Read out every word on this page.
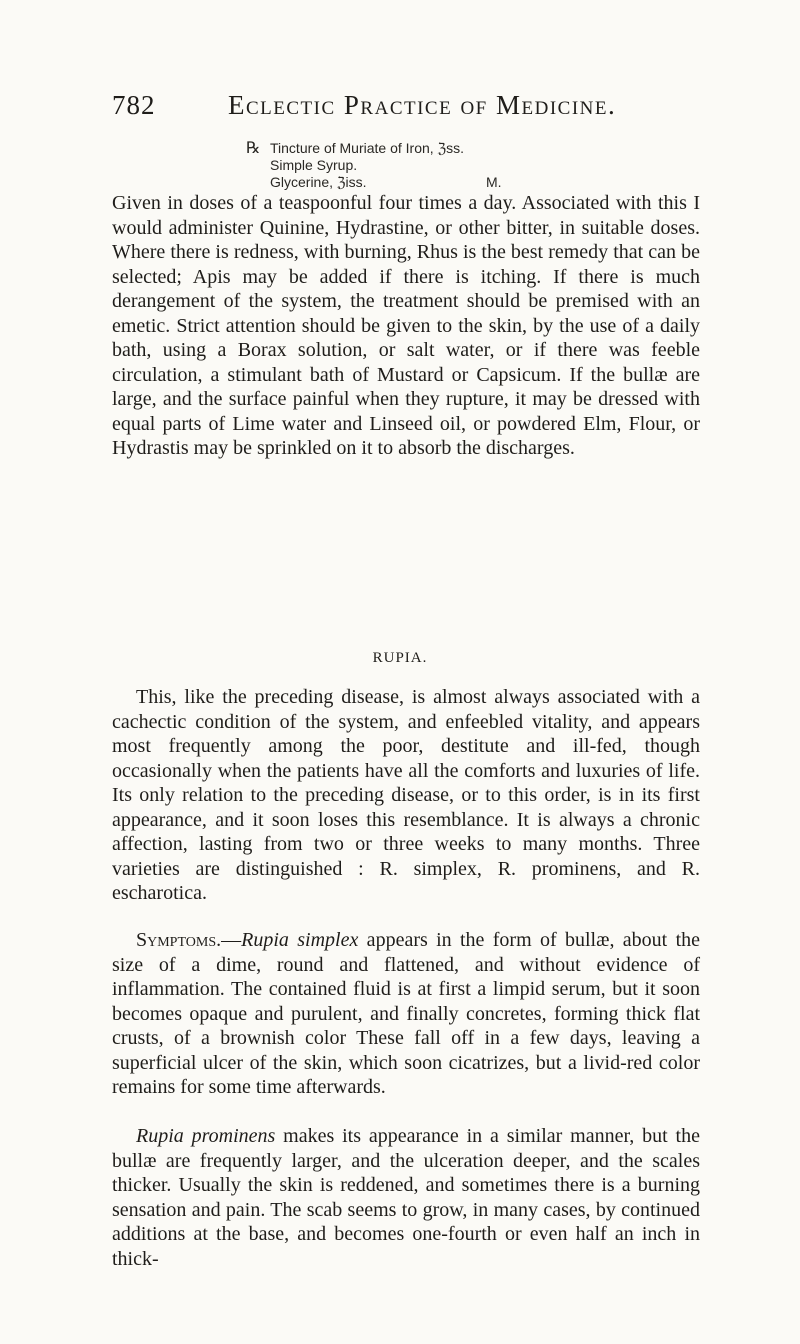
782	Eclectic Practice of Medicine.
℞ Tincture of Muriate of Iron, ℨss.
Simple Syrup.
Glycerine, ℨiss.	M.

Given in doses of a teaspoonful four times a day. Associated with this I would administer Quinine, Hydrastine, or other bitter, in suitable doses. Where there is redness, with burning, Rhus is the best remedy that can be selected; Apis may be added if there is itching. If there is much derangement of the system, the treatment should be premised with an emetic. Strict attention should be given to the skin, by the use of a daily bath, using a Borax solution, or salt water, or if there was feeble circulation, a stimulant bath of Mustard or Capsicum. If the bullæ are large, and the surface painful when they rupture, it may be dressed with equal parts of Lime water and Linseed oil, or powdered Elm, Flour, or Hydrastis may be sprinkled on it to absorb the discharges.

RUPIA.

This, like the preceding disease, is almost always associated with a cachectic condition of the system, and enfeebled vitality, and appears most frequently among the poor, destitute and ill-fed, though occasionally when the patients have all the comforts and luxuries of life. Its only relation to the preceding disease, or to this order, is in its first appearance, and it soon loses this resemblance. It is always a chronic affection, lasting from two or three weeks to many months. Three varieties are distinguished : R. simplex, R. prominens, and R. escharotica.

Symptoms.—Rupia simplex appears in the form of bullæ, about the size of a dime, round and flattened, and without evidence of inflammation. The contained fluid is at first a limpid serum, but it soon becomes opaque and purulent, and finally concretes, forming thick flat crusts, of a brownish color These fall off in a few days, leaving a superficial ulcer of the skin, which soon cicatrizes, but a livid-red color remains for some time afterwards.

Rupia prominens makes its appearance in a similar manner, but the bullæ are frequently larger, and the ulceration deeper, and the scales thicker. Usually the skin is reddened, and sometimes there is a burning sensation and pain. The scab seems to grow, in many cases, by continued additions at the base, and becomes one-fourth or even half an inch in thick-
